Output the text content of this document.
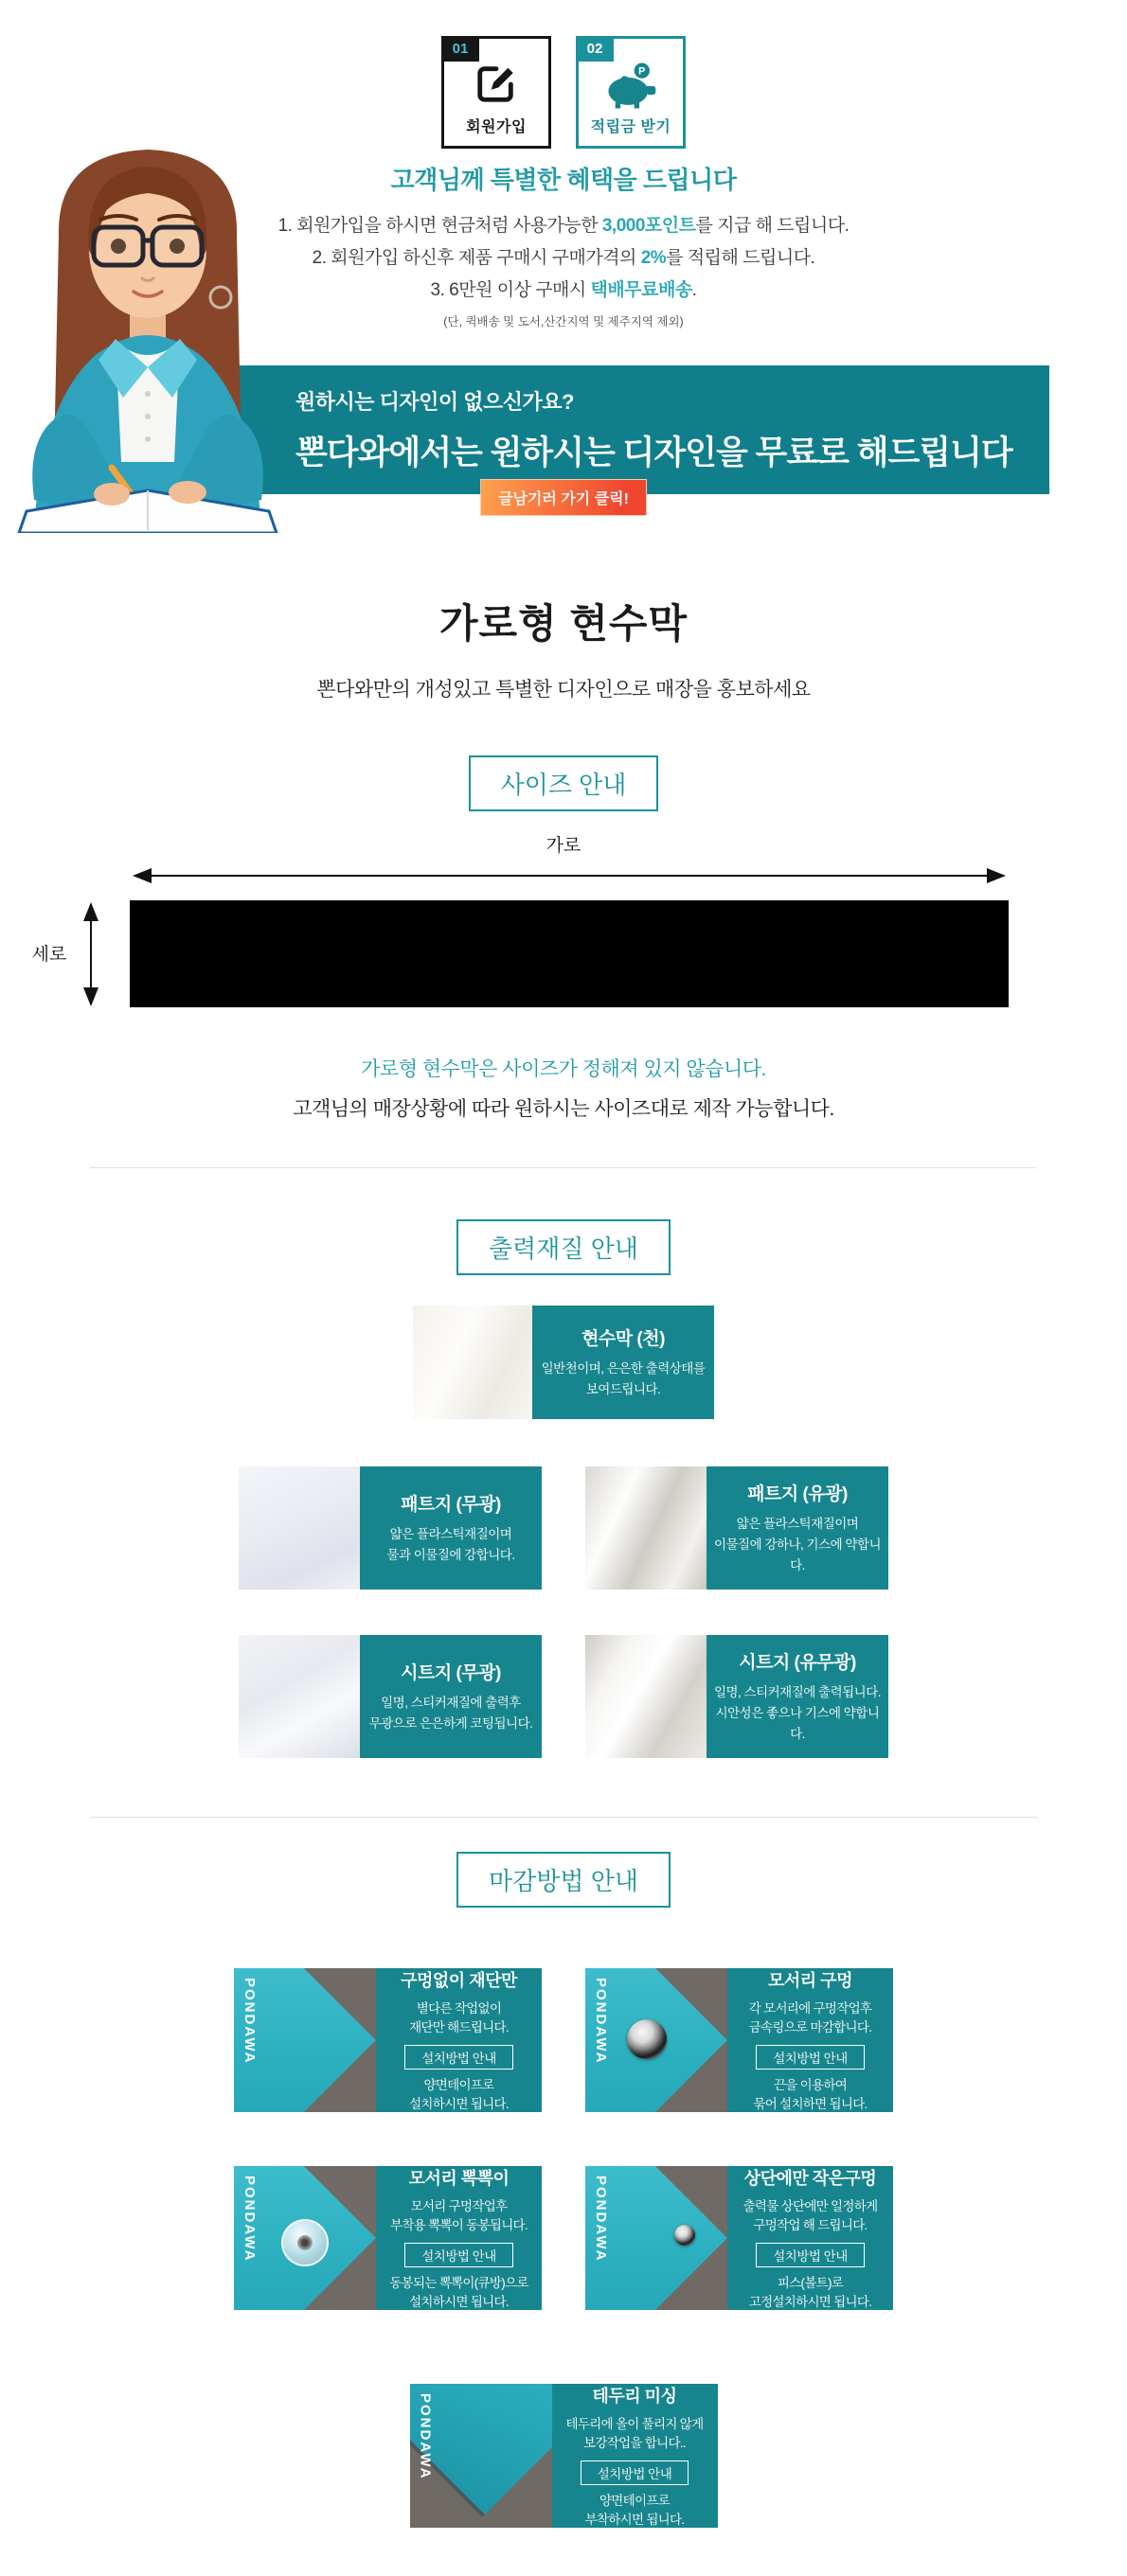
01
회원가입
02
P
적립금 받기
고객님께 특별한 혜택을 드립니다

1. 회원가입을 하시면 현금처럼 사용가능한 3,000포인트를 지급 해 드립니다.

2. 회원가입 하신후 제품 구매시 구매가격의 2%를 적립해 드립니다.

3. 6만원 이상 구매시 택배무료배송.

(단, 퀵배송 및 도서,산간지역 및 제주지역 제외)
원하시는 디자인이 없으신가요?
뽄다와에서는 원하시는 디자인을 무료로 해드립니다
글남기러 가기 클릭!
가로형 현수막

뽄다와만의 개성있고 특별한 디자인으로 매장을 홍보하세요

사이즈 안내
가로
세로

가로형 현수막은 사이즈가 정해져 있지 않습니다.

고객님의 매장상황에 따라 원하시는 사이즈대로 제작 가능합니다.

출력재질 안내
현수막 (천)
일반천이며, 은은한 출력상태를
보여드립니다.
패트지 (무광)
얇은 플라스틱재질이며
물과 이물질에 강합니다.
패트지 (유광)
얇은 플라스틱재질이며
이물질에 강하나, 기스에 약합니다.
시트지 (무광)
일명, 스티커재질에 출력후
무광으로 은은하게 코팅됩니다.
시트지 (유무광)
일명, 스티커재질에 출력됩니다.
시안성은 좋으나 기스에 약합니다.
마감방법 안내
PONDAWA	구멍없이 재단만
별다른 작업없이
재단만 해드립니다.
설치방법 안내
양면테이프로
설치하시면 됩니다.
PONDAWA	모서리 구멍
각 모서리에 구멍작업후
금속링으로 마감합니다.
설치방법 안내
끈을 이용하여
묶어 설치하면 됩니다.
PONDAWA	모서리 뽁뽁이
모서리 구멍작업후
부착용 뽁뽁이 동봉됩니다.
설치방법 안내
동봉되는 뽁뽁이(큐방)으로
설치하시면 됩니다.
PONDAWA	상단에만 작은구멍
출력물 상단에만 일정하게
구멍작업 해 드립니다.
설치방법 안내
피스(볼트)로
고정설치하시면 됩니다.
PONDAWA	테두리 미싱
테두리에 올이 풀리지 않게
보강작업을 합니다..
설치방법 안내
양면테이프로
부착하시면 됩니다.
